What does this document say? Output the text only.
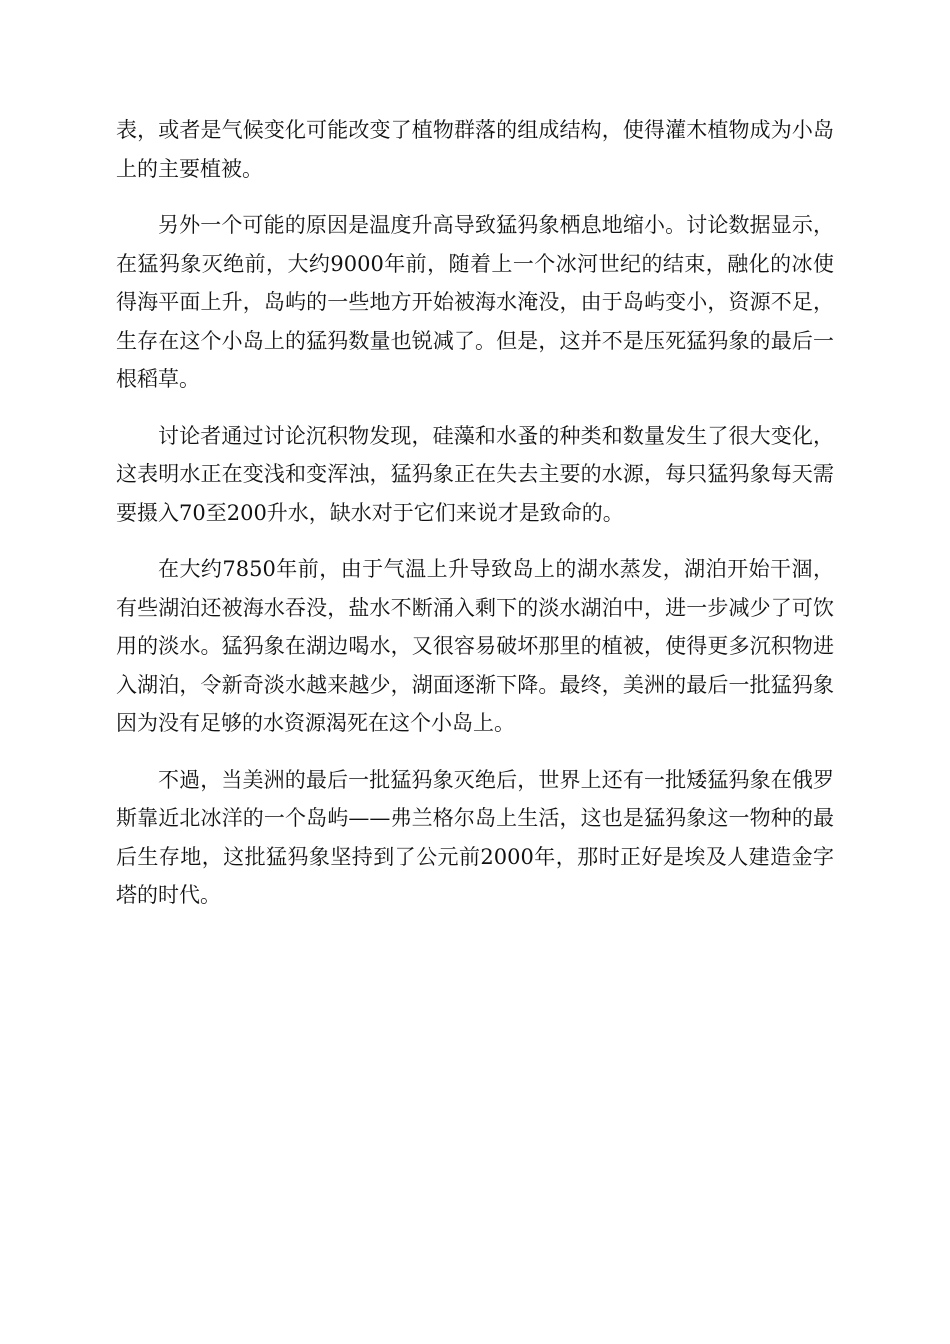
表，或者是气候变化可能改变了植物群落的组成结构，使得灌木植物成为小岛上的主要植被。

另外一个可能的原因是温度升高导致猛犸象栖息地缩小。讨论数据显示，在猛犸象灭绝前，大约9000年前，随着上一个冰河世纪的结束，融化的冰使得海平面上升，岛屿的一些地方开始被海水淹没，由于岛屿变小，资源不足，生存在这个小岛上的猛犸数量也锐减了。但是，这并不是压死猛犸象的最后一根稻草。

讨论者通过讨论沉积物发现，硅藻和水蚤的种类和数量发生了很大变化，这表明水正在变浅和变浑浊，猛犸象正在失去主要的水源，每只猛犸象每天需要摄入70至200升水，缺水对于它们来说才是致命的。

在大约7850年前，由于气温上升导致岛上的湖水蒸发，湖泊开始干涸，有些湖泊还被海水吞没，盐水不断涌入剩下的淡水湖泊中，进一步减少了可饮用的淡水。猛犸象在湖边喝水，又很容易破坏那里的植被，使得更多沉积物进入湖泊，令新奇淡水越来越少，湖面逐渐下降。最终，美洲的最后一批猛犸象因为没有足够的水资源渴死在这个小岛上。

不過，当美洲的最后一批猛犸象灭绝后，世界上还有一批矮猛犸象在俄罗斯靠近北冰洋的一个岛屿——弗兰格尔岛上生活，这也是猛犸象这一物种的最后生存地，这批猛犸象坚持到了公元前2000年，那时正好是埃及人建造金字塔的时代。
